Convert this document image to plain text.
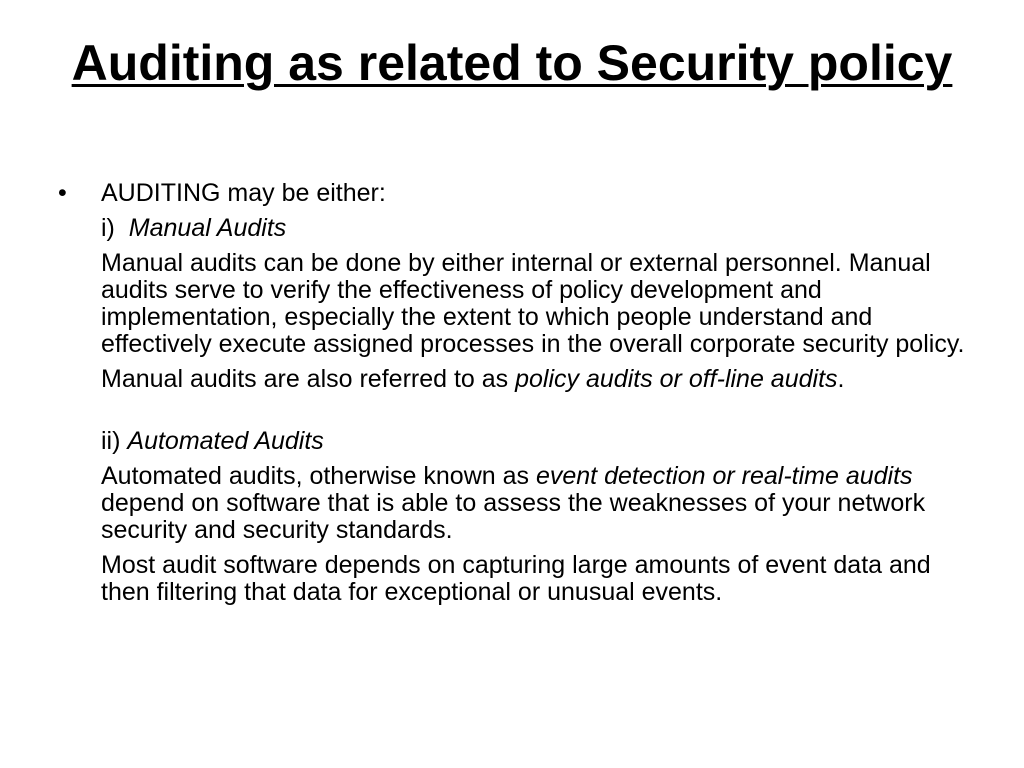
Auditing as related to Security policy
• AUDITING may be either:
i) Manual Audits
Manual audits can be done by either internal or external personnel. Manual audits serve to verify the effectiveness of policy development and implementation, especially the extent to which people understand and effectively execute assigned processes in the overall corporate security policy.
Manual audits are also referred to as policy audits or off-line audits.
ii) Automated Audits
Automated audits, otherwise known as event detection or real-time audits depend on software that is able to assess the weaknesses of your network security and security standards.
Most audit software depends on capturing large amounts of event data and then filtering that data for exceptional or unusual events.
